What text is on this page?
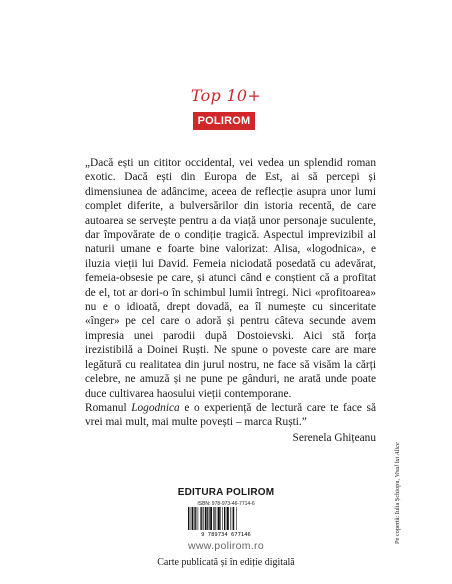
Top 10+
POLIROM

„Dacă ești un cititor occidental, vei vedea un splendid roman exotic. Dacă ești din Europa de Est, ai să percepi și dimensiunea de adâncime, aceea de reflecție asupra unor lumi complet diferite, a bulversărilor din istoria recentă, de care autoarea se servește pentru a da viață unor personaje suculente, dar împovărate de o condiție tragică. Aspectul imprevizibil al naturii umane e foarte bine valorizat: Alisa, «logodnica», e iluzia vieții lui David. Femeia niciodată posedată cu adevărat, femeia-obsesie pe care, și atunci când e conștient că a profitat de el, tot ar dori-o în schimbul lumii întregi. Nici «profitoarea» nu e o idioată, drept dovadă, ea îl numește cu sinceritate «înger» pe cel care o adoră și pentru câteva secunde avem impresia unei parodii după Dostoievski. Aici stă forța irezistibilă a Doinei Ruști. Ne spune o poveste care are mare legătură cu realitatea din jurul nostru, ne face să visăm la cărți celebre, ne amuză și ne pune pe gânduri, ne arată unde poate duce cultivarea haosului vieții contemporane.

Romanul Logodnica e o experiență de lectură care te face să vrei mai mult, mai multe povești – marca Ruști.”

Serenela Ghițeanu

EDITURA POLIROM
ISBN: 978-973-46-7714-6
9 789734 677146
www.polirom.ro
Carte publicată și în ediție digitală
Pe copertă: Iulia Șchiopu, Visul lui Alice
